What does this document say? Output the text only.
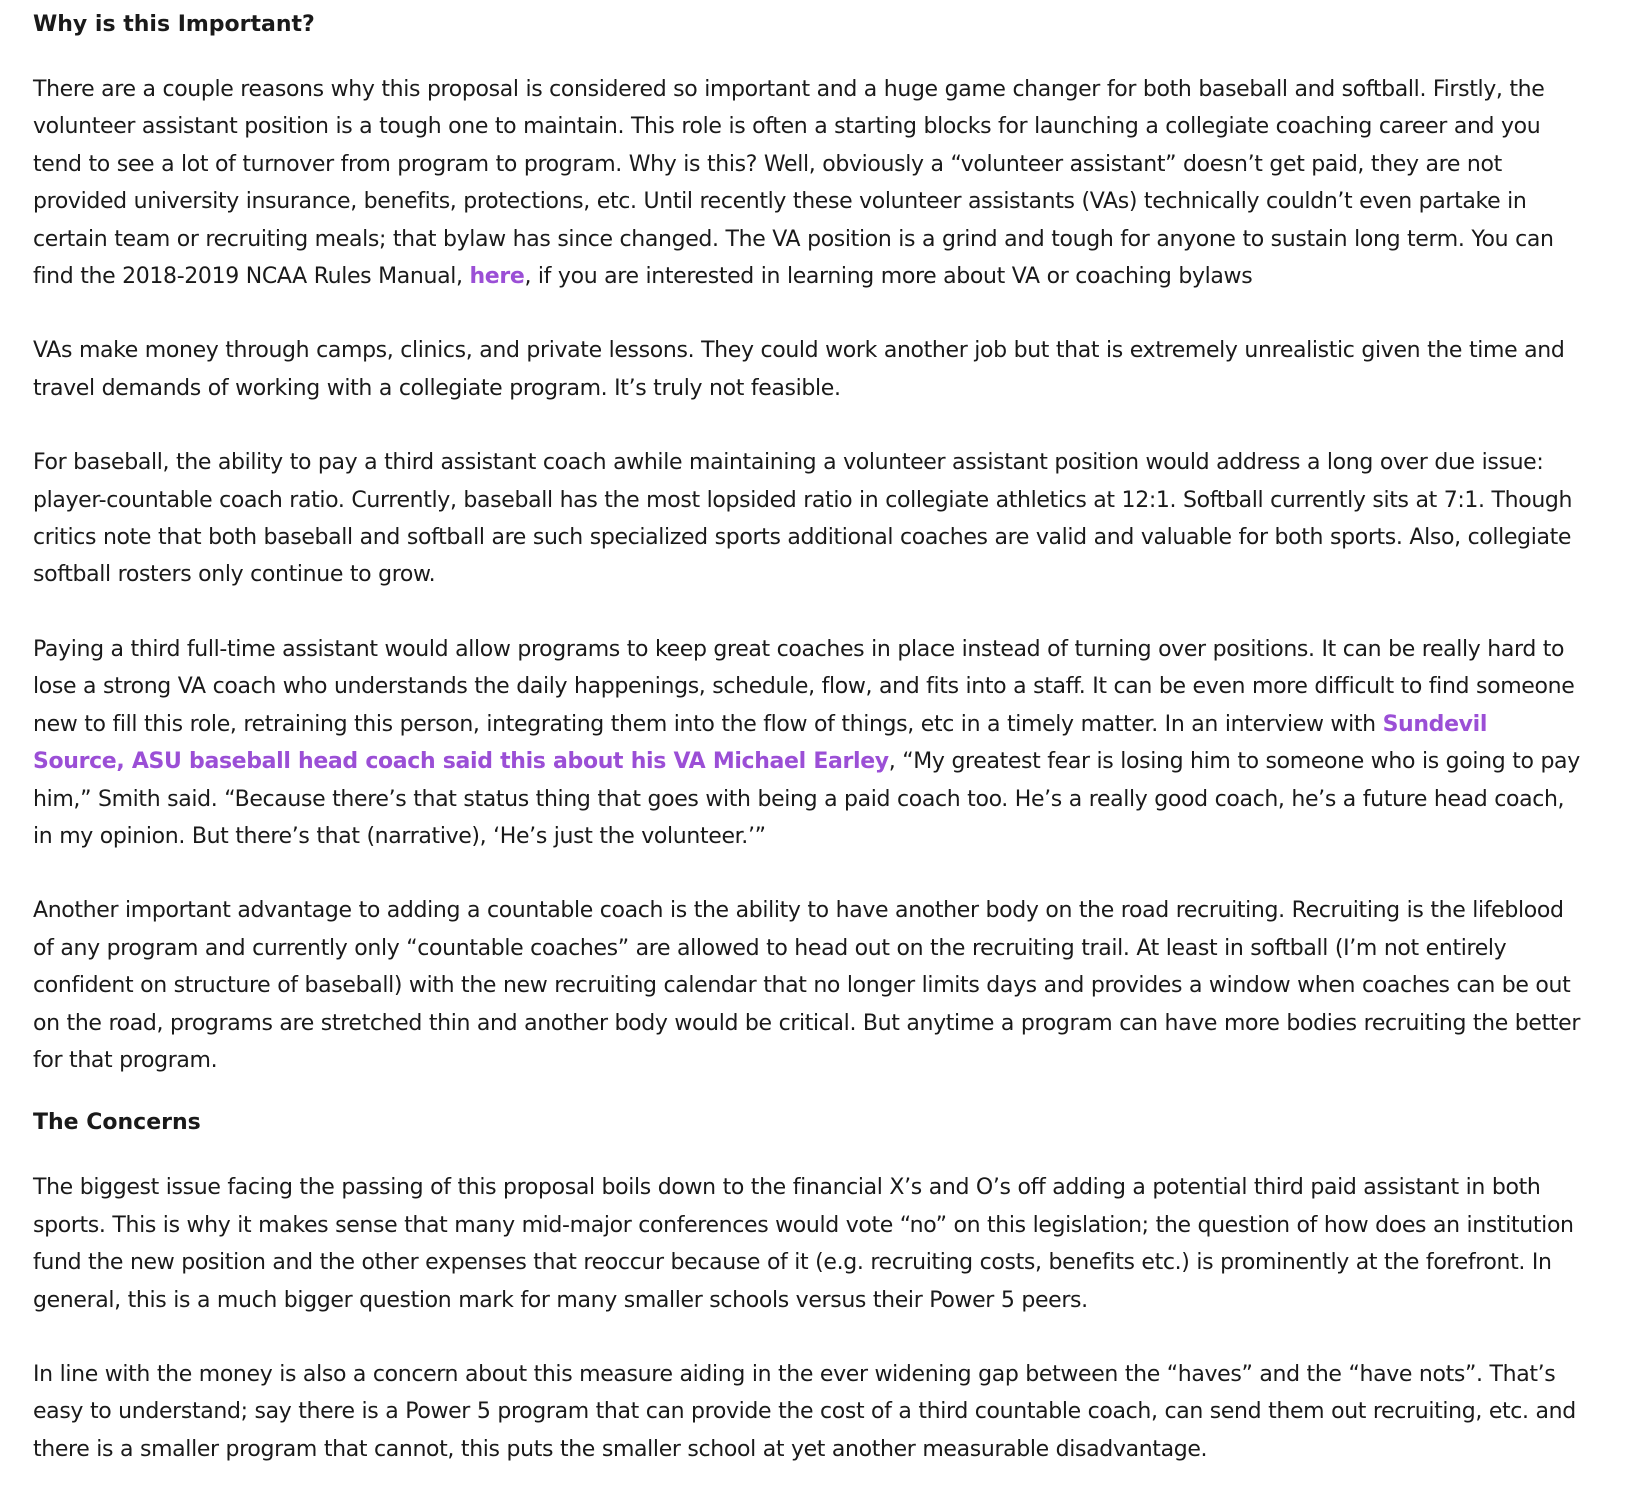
Why is this Important?

There are a couple reasons why this proposal is considered so important and a huge game changer for both baseball and softball. Firstly, the volunteer assistant position is a tough one to maintain. This role is often a starting blocks for launching a collegiate coaching career and you tend to see a lot of turnover from program to program. Why is this? Well, obviously a “volunteer assistant” doesn’t get paid, they are not provided university insurance, benefits, protections, etc. Until recently these volunteer assistants (VAs) technically couldn’t even partake in certain team or recruiting meals; that bylaw has since changed. The VA position is a grind and tough for anyone to sustain long term. You can find the 2018-2019 NCAA Rules Manual, here, if you are interested in learning more about VA or coaching bylaws

VAs make money through camps, clinics, and private lessons. They could work another job but that is extremely unrealistic given the time and travel demands of working with a collegiate program. It’s truly not feasible.

For baseball, the ability to pay a third assistant coach awhile maintaining a volunteer assistant position would address a long over due issue: player-countable coach ratio. Currently, baseball has the most lopsided ratio in collegiate athletics at 12:1. Softball currently sits at 7:1. Though critics note that both baseball and softball are such specialized sports additional coaches are valid and valuable for both sports. Also, collegiate softball rosters only continue to grow.

Paying a third full-time assistant would allow programs to keep great coaches in place instead of turning over positions. It can be really hard to lose a strong VA coach who understands the daily happenings, schedule, flow, and fits into a staff. It can be even more difficult to find someone new to fill this role, retraining this person, integrating them into the flow of things, etc in a timely matter. In an interview with Sundevil Source, ASU baseball head coach said this about his VA Michael Earley, “My greatest fear is losing him to someone who is going to pay him,” Smith said. “Because there’s that status thing that goes with being a paid coach too. He’s a really good coach, he’s a future head coach, in my opinion. But there’s that (narrative), ‘He’s just the volunteer.’”

Another important advantage to adding a countable coach is the ability to have another body on the road recruiting. Recruiting is the lifeblood of any program and currently only “countable coaches” are allowed to head out on the recruiting trail. At least in softball (I’m not entirely confident on structure of baseball) with the new recruiting calendar that no longer limits days and provides a window when coaches can be out on the road, programs are stretched thin and another body would be critical. But anytime a program can have more bodies recruiting the better for that program.

The Concerns

The biggest issue facing the passing of this proposal boils down to the financial X’s and O’s off adding a potential third paid assistant in both sports. This is why it makes sense that many mid-major conferences would vote “no” on this legislation; the question of how does an institution fund the new position and the other expenses that reoccur because of it (e.g. recruiting costs, benefits etc.) is prominently at the forefront. In general, this is a much bigger question mark for many smaller schools versus their Power 5 peers.

In line with the money is also a concern about this measure aiding in the ever widening gap between the “haves” and the “have nots”. That’s easy to understand; say there is a Power 5 program that can provide the cost of a third countable coach, can send them out recruiting, etc. and there is a smaller program that cannot, this puts the smaller school at yet another measurable disadvantage.
